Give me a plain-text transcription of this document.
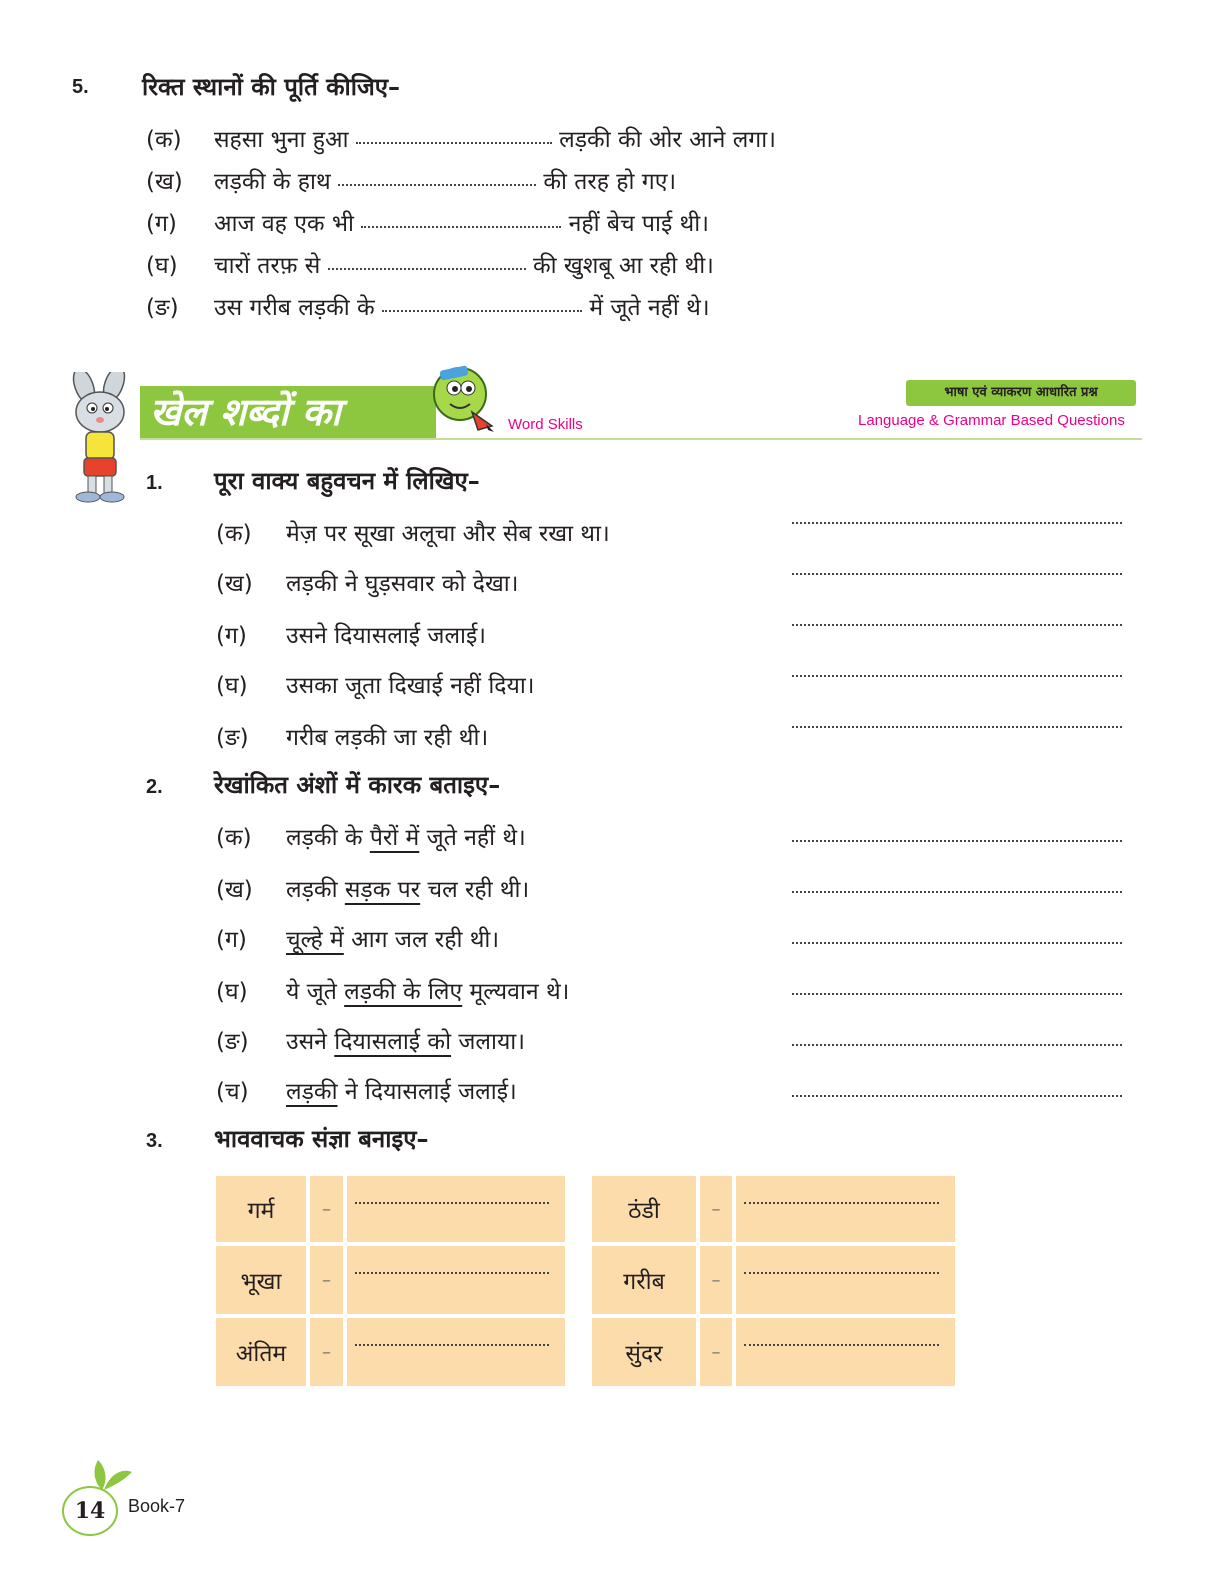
5. रिक्त स्थानों की पूर्ति कीजिए–
(क) सहसा भुना हुआ	लड़की की ओर आने लगा।
(ख) लड़की के हाथ	की तरह हो गए।
(ग) आज वह एक भी	नहीं बेच पाई थी।
(घ) चारों तरफ़ से	की खुशबू आ रही थी।
(ङ) उस गरीब लड़की के	में जूते नहीं थे।
खेल शब्दों का	Word Skills
भाषा एवं व्याकरण आधारित प्रश्न
Language & Grammar Based Questions
1. पूरा वाक्य बहुवचन में लिखिए–
(क) मेज़ पर सूखा अलूचा और सेब रखा था।
(ख) लड़की ने घुड़सवार को देखा।
(ग) उसने दियासलाई जलाई।
(घ) उसका जूता दिखाई नहीं दिया।
(ङ) गरीब लड़की जा रही थी।
2. रेखांकित अंशों में कारक बताइए–
(क) लड़की के पैरों में जूते नहीं थे।
(ख) लड़की सड़क पर चल रही थी।
(ग) चूल्हे में आग जल रही थी।
(घ) ये जूते लड़की के लिए मूल्यवान थे।
(ङ) उसने दियासलाई को जलाया।
(च) लड़की ने दियासलाई जलाई।
3. भाववाचक संज्ञा बनाइए–
गर्म	–	ठंडी	–
भूखा	–	गरीब	–
अंतिम	–	सुंदर	–
14	Book-7
